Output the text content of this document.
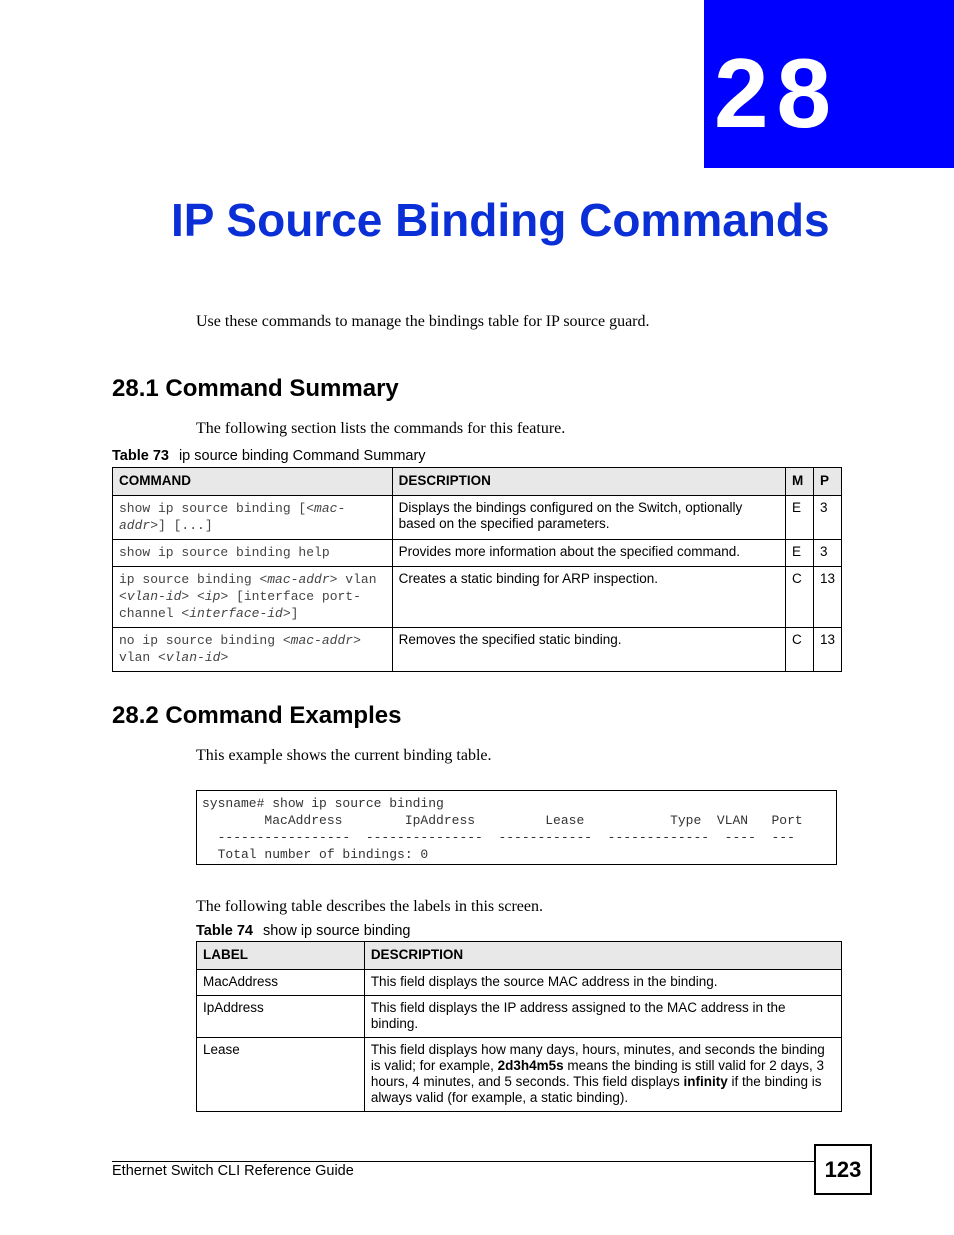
28
IP Source Binding Commands
Use these commands to manage the bindings table for IP source guard.
28.1 Command Summary
The following section lists the commands for this feature.
Table 73 ip source binding Command Summary
COMMAND	DESCRIPTION	M	P
show ip source binding [<mac-addr>] [...]	Displays the bindings configured on the Switch, optionally based on the specified parameters.	E	3
show ip source binding help	Provides more information about the specified command.	E	3
ip source binding <mac-addr> vlan <vlan-id> <ip> [interface port-channel <interface-id>]	Creates a static binding for ARP inspection.	C	13
no ip source binding <mac-addr> vlan <vlan-id>	Removes the specified static binding.	C	13
28.2 Command Examples
This example shows the current binding table.
sysname# show ip source binding
MacAddress        IpAddress         Lease           Type  VLAN   Port
-----------------  ---------------  ------------  -------------  ----  ---
Total number of bindings: 0
The following table describes the labels in this screen.
Table 74 show ip source binding
LABEL	DESCRIPTION
MacAddress	This field displays the source MAC address in the binding.
IpAddress	This field displays the IP address assigned to the MAC address in the binding.
Lease	This field displays how many days, hours, minutes, and seconds the binding is valid; for example, 2d3h4m5s means the binding is still valid for 2 days, 3 hours, 4 minutes, and 5 seconds. This field displays infinity if the binding is always valid (for example, a static binding).
Ethernet Switch CLI Reference Guide	123
